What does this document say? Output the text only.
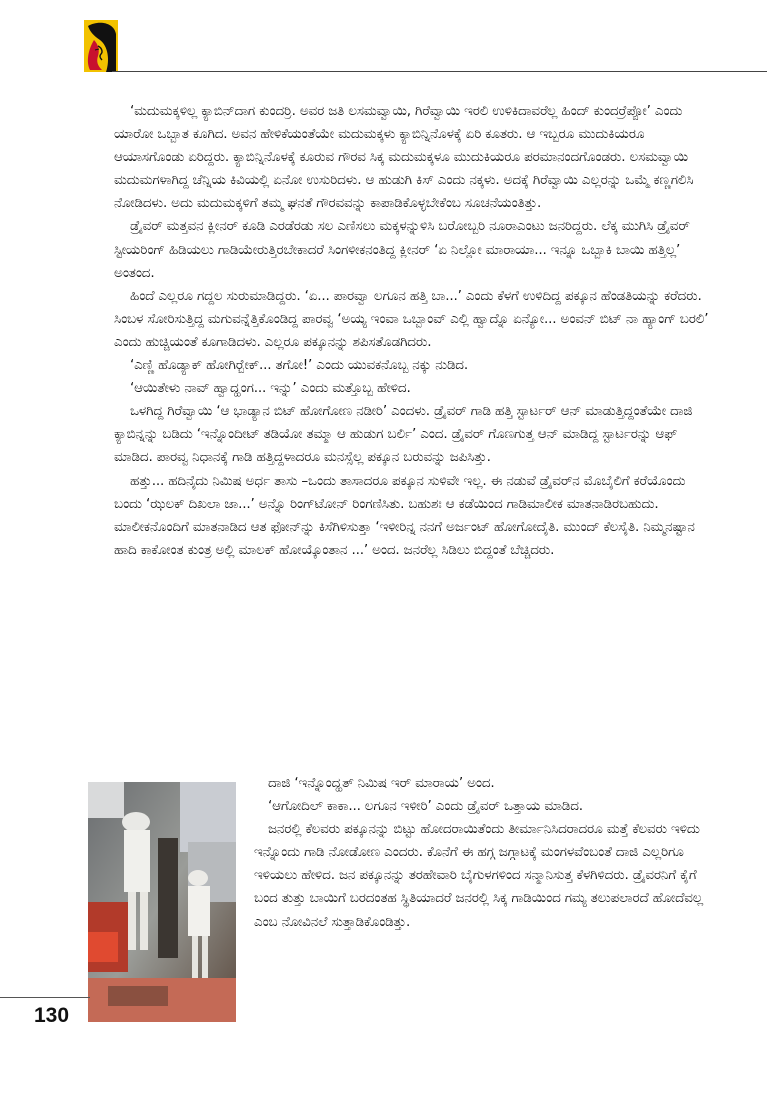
‘ಮದುಮಕ್ಕಳಿಲ್ಲ ಕ್ಯಾಬಿನ್‌ದಾಗ ಕುಂದರ್ರಿ. ಅವರ ಜತಿ ಲಸಮವ್ವಾಯಿ, ಗಿರೆವ್ವಾಯಿ ಇರಲಿ ಉಳಿಕಿದಾವರೆಲ್ಲ ಹಿಂದ್ ಕುಂದರ್‍ರೆಪ್ಪೋ’ ಎಂದು ಯಾರೋ ಒಬ್ಬಾತ ಕೂಗಿದ. ಅವನ ಹೇಳಿಕೆಯಂತೆಯೇ ಮದುಮಕ್ಕಳು ಕ್ಯಾಬಿನ್ನಿನೊಳಕ್ಕೆ ಏರಿ ಕೂತರು. ಆ ಇಬ್ಬರೂ ಮುದುಕಿಯರೂ ಆಯಾಸಗೊಂಡು ಏರಿದ್ದರು. ಕ್ಯಾಬಿನ್ನಿನೊಳಕ್ಕೆ ಕೂರುವ ಗೌರವ ಸಿಕ್ಕ ಮದುಮಕ್ಕಳೂ ಮುದುಕಿಯರೂ ಪರಮಾನಂದಗೊಂಡರು. ಲಸಮವ್ವಾಯಿ ಮದುಮಗಳಾಗಿದ್ದ ಚೆನ್ನಿಯ ಕಿವಿಯಲ್ಲಿ ಏನೋ ಉಸುರಿದಳು. ಆ ಹುಡುಗಿ ಕಿಸ್ ಎಂದು ನಕ್ಕಳು. ಅದಕ್ಕೆ ಗಿರೆವ್ವಾಯಿ ಎಲ್ಲರನ್ನು ಒಮ್ಮೆ ಕಣ್ಣಗಲಿಸಿ ನೋಡಿದಳು. ಅದು ಮದುಮಕ್ಕಳಿಗೆ ತಮ್ಮ ಘನತೆ ಗೌರವವನ್ನು ಕಾಪಾಡಿಕೊಳ್ಳಬೇಕೆಂಬ ಸೂಚನೆಯಂತಿತ್ತು.

ಡ್ರೈವರ್ ಮತ್ತವನ ಕ್ಲೀನರ್ ಕೂಡಿ ಎರಡೆರಡು ಸಲ ಎಣಿಸಲು ಮಕ್ಕಳನ್ನುಳಿಸಿ ಬರೋಬ್ಬರಿ ನೂರಾಎಂಟು ಜನರಿದ್ದರು. ಲೆಕ್ಕ ಮುಗಿಸಿ ಡ್ರೈವರ್ ಸ್ಟೀಯರಿಂಗ್ ಹಿಡಿಯಲು ಗಾಡಿಯೇರುತ್ತಿರಬೇಕಾದರೆ ಸಿಂಗಳೀಕನಂತಿದ್ದ ಕ್ಲೀನರ್ ‘ಏ ನಿಲ್ಲೋ ಮಾರಾಯಾ... ಇನ್ನೂ ಒಬ್ಬಾಕಿ ಬಾಯಿ ಹತ್ತಿಲ್ಲ’ ಅಂತಂದ.

ಹಿಂದೆ ಎಲ್ಲರೂ ಗದ್ದಲ ಸುರುಮಾಡಿದ್ದರು. ‘ಏ... ಪಾರವ್ವಾ ಲಗೂನ ಹತ್ತಿ ಬಾ...’ ಎಂದು ಕೆಳಗೆ ಉಳಿದಿದ್ದ ಪಕ್ಕೂನ ಹೆಂಡತಿಯನ್ನು ಕರೆದರು. ಸಿಂಬಳ ಸೋರಿಸುತ್ತಿದ್ದ ಮಗುವನ್ನೆತ್ತಿಕೊಂಡಿದ್ದ ಪಾರವ್ವ ‘ಅಯ್ಯ ಇಂವಾ ಒಬ್ಬಾಂವ್ ಎಲ್ಲಿ ಹ್ವಾದ್ನೊ ಏನ್ಯೋ... ಅಂವನ್ ಬಿಟ್ ನಾ ಹ್ಯಾಂಗ್ ಬರಲಿ’ ಎಂದು ಹುಚ್ಚಿಯಂತೆ ಕೂಗಾಡಿದಳು. ಎಲ್ಲರೂ ಪಕ್ಕೂನನ್ನು ಶಪಿಸತೊಡಗಿದರು.

‘ಎಣ್ಣಿ ಹೊಡ್ಯಾಕ್ ಹೋಗಿರ್‍ಬೇಕ್... ತಗೋ!’ ಎಂದು ಯುವಕನೊಬ್ಬ ನಕ್ಕು ನುಡಿದ.

‘ಆಯಿತೇಳು ನಾವ್ ಹ್ವಾದ್ಹಂಗ... ಇನ್ನು’ ಎಂದು ಮತ್ತೊಬ್ಬ ಹೇಳಿದ.

ಒಳಗಿದ್ದ ಗಿರೆವ್ವಾಯಿ ‘ಆ ಭಾಡ್ಯಾನ ಬಿಟ್ ಹೋಗೋಣ ನಡೀರಿ’ ಎಂದಳು. ಡ್ರೈವರ್ ಗಾಡಿ ಹತ್ತಿ ಸ್ಟಾರ್ಟರ್ ಆನ್ ಮಾಡುತ್ತಿದ್ದಂತೆಯೇ ದಾಜಿ ಕ್ಯಾಬಿನ್ನನ್ನು ಬಡಿದು ‘ಇನ್ನೊಂದೀಟ್ ತಡಿಯೋ ತಮ್ಮಾ ಆ ಹುಡುಗ ಬರ್ಲಿ’ ಎಂದ. ಡ್ರೈವರ್ ಗೊಣಗುತ್ತ ಆನ್ ಮಾಡಿದ್ದ ಸ್ಟಾರ್ಟರನ್ನು ಆಫ್ ಮಾಡಿದ. ಪಾರವ್ವ ನಿಧಾನಕ್ಕೆ ಗಾಡಿ ಹತ್ತಿದ್ದಳಾದರೂ ಮನಸ್ಸೆಲ್ಲ ಪಕ್ಕೂನ ಬರುವನ್ನು ಜಪಿಸಿತ್ತು.

ಹತ್ತು... ಹದಿನೈದು ನಿಮಿಷ ಅರ್ಧ ತಾಸು –ಒಂದು ತಾಸಾದರೂ ಪಕ್ಕೂನ ಸುಳಿವೇ ಇಲ್ಲ. ಈ ನಡುವೆ ಡ್ರೈವರ್‌ನ ಮೊಬೈಲಿಗೆ ಕರೆಯೊಂದು ಬಂದು ‘ಝಲಕ್ ದಿಖಲಾ ಜಾ...’ ಅನ್ನೊ ರಿಂಗ್‌ಟೋನ್ ರಿಂಗಣಿಸಿತು. ಬಹುಶಃ ಆ ಕಡೆಯಿಂದ ಗಾಡಿಮಾಲೀಕ ಮಾತನಾಡಿರಬಹುದು. ಮಾಲೀಕನೊಂದಿಗೆ ಮಾತನಾಡಿದ ಆತ ಫೋನ್‌ನ್ನು ಕಿಸೆಗಿಳಿಸುತ್ತಾ ‘ಇಳೀರಿನ್ನ ನನಗೆ ಅರ್ಜಂಟ್ ಹೋಗೋದೈತಿ. ಮುಂದ್ ಕೆಲಸೈತಿ. ನಿಮ್ಮನಷ್ಟಾನ ಹಾದಿ ಕಾಕೋಂತ ಕುಂತ್ರ ಅಲ್ಲಿ ಮಾಲಕ್ ಹೋಯ್ಕೊಂತಾನ ...’ ಅಂದ. ಜನರೆಲ್ಲ ಸಿಡಿಲು ಬಿದ್ದಂತೆ ಬೆಚ್ಚಿದರು.

ದಾಜಿ ‘ಇನ್ನೊಂದ್ಹತ್ ನಿಮಿಷ ಇರ್ ಮಾರಾಯ’ ಅಂದ.

‘ಆಗೋದಿಲ್ ಕಾಕಾ... ಲಗೂನ ಇಳೀರಿ’ ಎಂದು ಡ್ರೈವರ್ ಒತ್ತಾಯ ಮಾಡಿದ.

ಜನರಲ್ಲಿ ಕೆಲವರು ಪಕ್ಕೂನನ್ನು ಬಿಟ್ಟು ಹೋದರಾಯಿತೆಂದು ತೀರ್ಮಾನಿಸಿದರಾದರೂ ಮತ್ತೆ ಕೆಲವರು ಇಳಿದು ಇನ್ನೊಂದು ಗಾಡಿ ನೋಡೋಣ ಎಂದರು. ಕೊನೆಗೆ ಈ ಹಗ್ಗ ಜಗ್ಗಾಟಕ್ಕೆ ಮಂಗಳವೆಂಬಂತೆ ದಾಜಿ ಎಲ್ಲರಿಗೂ ಇಳಿಯಲು ಹೇಳಿದ. ಜನ ಪಕ್ಕೂನನ್ನು ತರಹೇವಾರಿ ಬೈಗುಳಗಳಿಂದ ಸನ್ಮಾನಿಸುತ್ತ ಕೆಳಗಿಳಿದರು. ಡ್ರೈವರನಿಗೆ ಕೈಗೆ ಬಂದ ತುತ್ತು ಬಾಯಿಗೆ ಬರದಂತಹ ಸ್ಥಿತಿಯಾದರೆ ಜನರಲ್ಲಿ ಸಿಕ್ಕ ಗಾಡಿಯಿಂದ ಗಮ್ಯ ತಲುಪಲಾರದೆ ಹೋದೆವಲ್ಲ ಎಂಬ ನೋವಿನಲೆ ಸುತ್ತಾಡಿಕೊಂಡಿತ್ತು.

130
